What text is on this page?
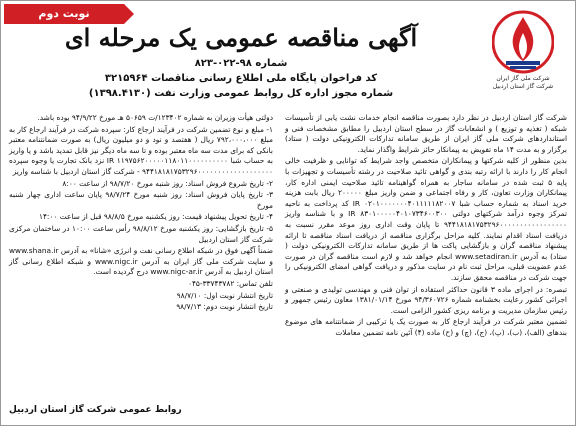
نوبت دوم
شرکت ملی گاز ایران
شرکت گاز استان اردبیل
آگهی مناقصه عمومی یک مرحله ای
شماره ۹۸-۰۲۲-۸۲۳
کد فراخوان پایگاه ملی اطلاع رسانی مناقصات ۳۲۱۵۹۶۴
شماره مجوز اداره کل روابط عمومی وزارت نفت (۱۳۹۸.۴۱۳۰)

شرکت گاز استان اردبیل در نظر دارد بصورت مناقصه انجام خدمات نشت یابی از تأسیسات شبکه ( تغذیه و توزیع ) و انشعابات گاز در سطح استان اردبیل را مطابق مشخصات فنی و استانداردهای شرکت ملی گاز ایران از طریق سامانه تدارکات الکترونیکی دولت ( ستاد) برگزار و به مدت ۱۴ ماه تفویض به پیمانکار حائز شرایط واگذار نماید.

بدین منظور از کلیه شرکتها و پیمانکاران متخصص واجد شرایط که توانایی و ظرفیت خالی انجام کار را دارند با ارائه رتبه بندی و گواهی تائید صلاحیت در رشته تأسیسات و تجهیزات با پایه ۵ ثبت شده در سامانه ساجار به همراه گواهینامه تائید صلاحیت ایمنی اداره کار، پیمانکاران وزارت تعاون، کار و رفاه اجتماعی و ضمن واریز مبلغ ۲۰۰۰۰۰ ریال بابت هزینه خرید اسناد به شماره حساب شبا IR ۰۲۰۱۰۰۰۰۰۰۰۴۰۱۱۱۱۱۸۲۰۰۷ کد پرداخت به ناحیه تمرکز وجوه درآمد شرکتهای دولتی IR ۸۳۰۱۰۰۰۰۰۴۰۱۰۷۳۴۶۰۰۳۰۰ و با شناسه واریز ۹۴۴۱۸۱۸۱۷۵۳۲۹۶۰۰۰۰۰۰۰۰۰۰۰۰۰۰۰۰۰ تا پایان وقت اداری روز موعد مقرر نسبت به دریافت اسناد اقدام نمایند. کلیه مراحل برگزاری مناقصه از دریافت اسناد مناقصه تا ارائه پیشنهاد مناقصه گران و بازگشایی پاکت ها از طریق سامانه تدارکات الکترونیکی دولت ( ستاد) به آدرس www.setadiran.ir انجام خواهد شد و لازم است مناقصه گران در صورت عدم عضویت قبلی، مراحل ثبت نام در سایت مذکور و دریافت گواهی امضای الکترونیکی را جهت شرکت در مناقصه محقق سازند.

تبصره: در اجرای ماده ۳ قانون حداکثر استفاده از توان فنی و مهندسی تولیدی و صنعتی و اجرائی کشور رعایت بخشنامه شماره ۹۴/۳۶۰۷۲۶ مورخ ۱۳۸۱/۰۱/۱۴ معاون رئیس جمهور و رئیس سازمان مدیریت و برنامه ریزی کشور الزامی است.

تضمین معتبر شرکت در فرآیند ارجاع کار به صورت یک یا ترکیبی از ضمانتنامه های موضوع بندهای (الف)، (ب)، (پ)، (ج)، (چ) و (ح) ماده (۴) آئین نامه تضمین معاملات

دولتی هیأت وزیران به شماره ۱۲۳۴۰۲/ت ۵۰۶۵۹ هـ مورخ ۹۴/۹/۲۲ بوده باشد.

۱- مبلغ و نوع تضمین شرکت در فرآیند ارجاع کار: سپرده شرکت در فرآیند ارجاع کار به مبلغ ۷۹۲،۰۰۰،۰۰۰ ریال ( هفتصد و نود و دو میلیون ریال) به صورت ضمانتنامه معتبر بانکی که برای مدت سه ماه معتبر بوده و تا سه ماه دیگر نیز قابل تمدید باشد و یا واریز به حساب شبا IR ۱۱۹۷۵۶۲۰۰۰۰۰۱۱۸۰۱۱۰۰۰۰۰۰۰۰۰۰ نزد بانک تجارت یا وجوه سپرده ۹۴۴۱۸۱۸۱۷۵۳۲۹۶۰۰۰۰۰۰۰۰۰۰۰۰۰۰۰۰۰۰۰ - شرکت گاز استان اردبیل با شناسه واریز

۲- تاریخ شروع فروش اسناد: روز شنبه مورخ ۹۸/۷/۲۰ از ساعت ۸:۰۰

۳- تاریخ پایان فروش اسناد: روز شنبه مورخ ۹۸/۷/۲۴ پایان ساعت اداری چهار شنبه مورخ

۴- تاریخ تحویل پیشنهاد قیمت: روز یکشنبه مورخ ۹۸/۸/۵ قبل از ساعت ۱۴:۰۰

۵- تاریخ بازگشایی: روز یکشنبه مورخ ۹۸/۸/۱۲ رأس ساعت ۱۰:۰۰ در ساختمان مرکزی شرکت گاز استان اردبیل

ضمناً آگهی فوق در شبکه اطلاع رسانی نفت و انرژی «شانا» به آدرس www.shana.ir و سایت شرکت ملی گاز ایران به آدرس www.nigc.ir و شبکه اطلاع رسانی گاز استان اردبیل به آدرس www.nigc-ar.ir درج گردیده است.

تلفن تماس: ۳۳۷۴۳۷۸۲-۰۴۵

تاریخ انتشار نوبت اول: ۹۸/۷/۱۰

تاریخ انتشار نوبت دوم: ۹۸/۷/۱۳

روابط عمومی شرکت گاز استان اردبیل
